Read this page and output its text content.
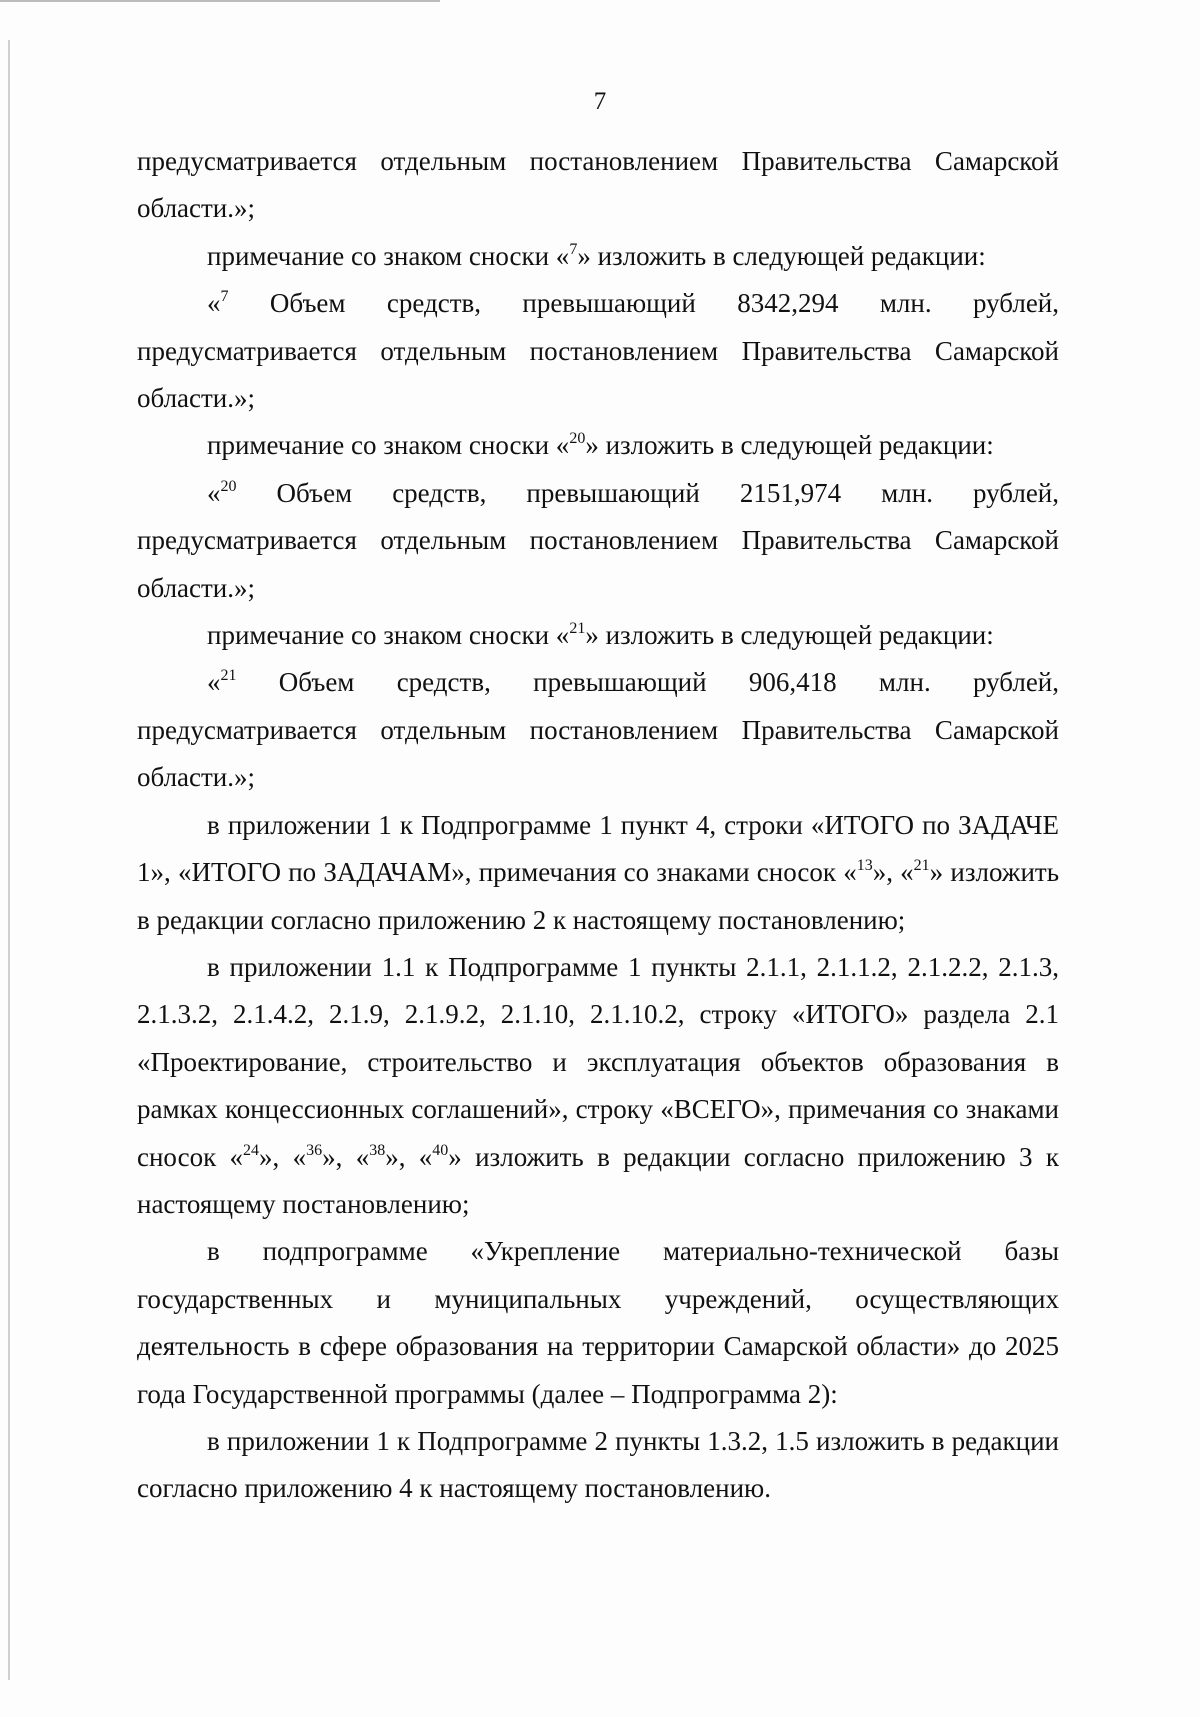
7

предусматривается отдельным постановлением Правительства Самарской области.»;

примечание со знаком сноски «$^7$» изложить в следующей редакции:

«$^7$ Объем средств, превышающий 8342,294 млн. рублей, предусматривается отдельным постановлением Правительства Самарской области.»;

примечание со знаком сноски «$^{20}$» изложить в следующей редакции:

«$^{20}$ Объем средств, превышающий 2151,974 млн. рублей, предусматривается отдельным постановлением Правительства Самарской области.»;

примечание со знаком сноски «$^{21}$» изложить в следующей редакции:

«$^{21}$ Объем средств, превышающий 906,418 млн. рублей, предусматривается отдельным постановлением Правительства Самарской области.»;

в приложении 1 к Подпрограмме 1 пункт 4, строки «ИТОГО по ЗАДАЧЕ 1», «ИТОГО по ЗАДАЧАМ», примечания со знаками сносок «$^{13}$», «$^{21}$» изложить в редакции согласно приложению 2 к настоящему постановлению;

в приложении 1.1 к Подпрограмме 1 пункты 2.1.1, 2.1.1.2, 2.1.2.2, 2.1.3, 2.1.3.2, 2.1.4.2, 2.1.9, 2.1.9.2, 2.1.10, 2.1.10.2, строку «ИТОГО» раздела 2.1 «Проектирование, строительство и эксплуатация объектов образования в рамках концессионных соглашений», строку «ВСЕГО», примечания со знаками сносок «$^{24}$», «$^{36}$», «$^{38}$», «$^{40}$» изложить в редакции согласно приложению 3 к настоящему постановлению;

в подпрограмме «Укрепление материально-технической базы государственных и муниципальных учреждений, осуществляющих деятельность в сфере образования на территории Самарской области» до 2025 года Государственной программы (далее – Подпрограмма 2):

в приложении 1 к Подпрограмме 2 пункты 1.3.2, 1.5 изложить в редакции согласно приложению 4 к настоящему постановлению.
